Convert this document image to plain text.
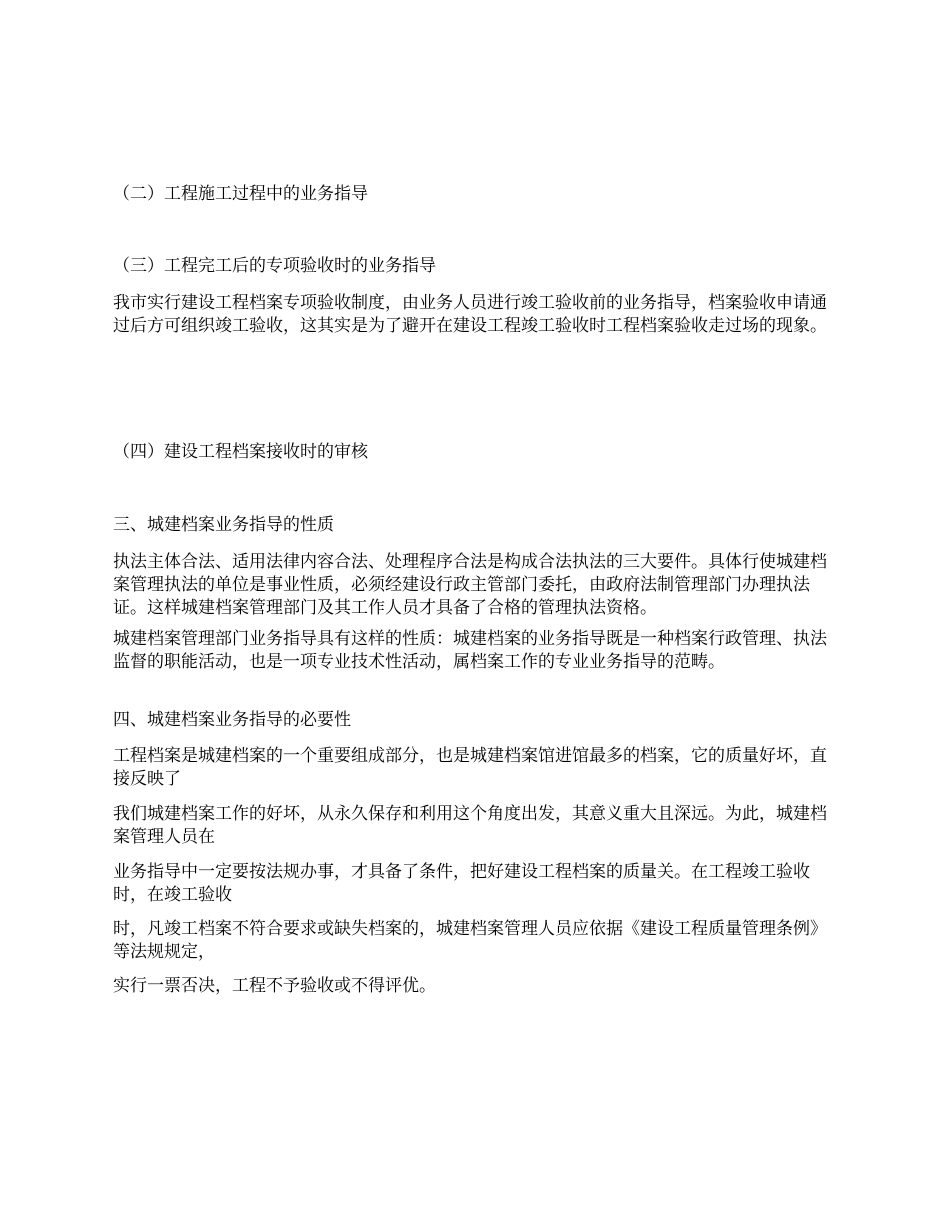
（二）工程施工过程中的业务指导

（三）工程完工后的专项验收时的业务指导

我市实行建设工程档案专项验收制度，由业务人员进行竣工验收前的业务指导，档案验收申请通过后方可组织竣工验收，这其实是为了避开在建设工程竣工验收时工程档案验收走过场的现象。

（四）建设工程档案接收时的审核

三、城建档案业务指导的性质

执法主体合法、适用法律内容合法、处理程序合法是构成合法执法的三大要件。具体行使城建档案管理执法的单位是事业性质，必须经建设行政主管部门委托，由政府法制管理部门办理执法证。这样城建档案管理部门及其工作人员才具备了合格的管理执法资格。

城建档案管理部门业务指导具有这样的性质：城建档案的业务指导既是一种档案行政管理、执法监督的职能活动，也是一项专业技术性活动，属档案工作的专业业务指导的范畴。

四、城建档案业务指导的必要性

工程档案是城建档案的一个重要组成部分，也是城建档案馆进馆最多的档案，它的质量好坏，直接反映了

我们城建档案工作的好坏，从永久保存和利用这个角度出发，其意义重大且深远。为此，城建档案管理人员在

业务指导中一定要按法规办事，才具备了条件，把好建设工程档案的质量关。在工程竣工验收时，在竣工验收

时，凡竣工档案不符合要求或缺失档案的，城建档案管理人员应依据《建设工程质量管理条例》等法规规定，

实行一票否决，工程不予验收或不得评优。
